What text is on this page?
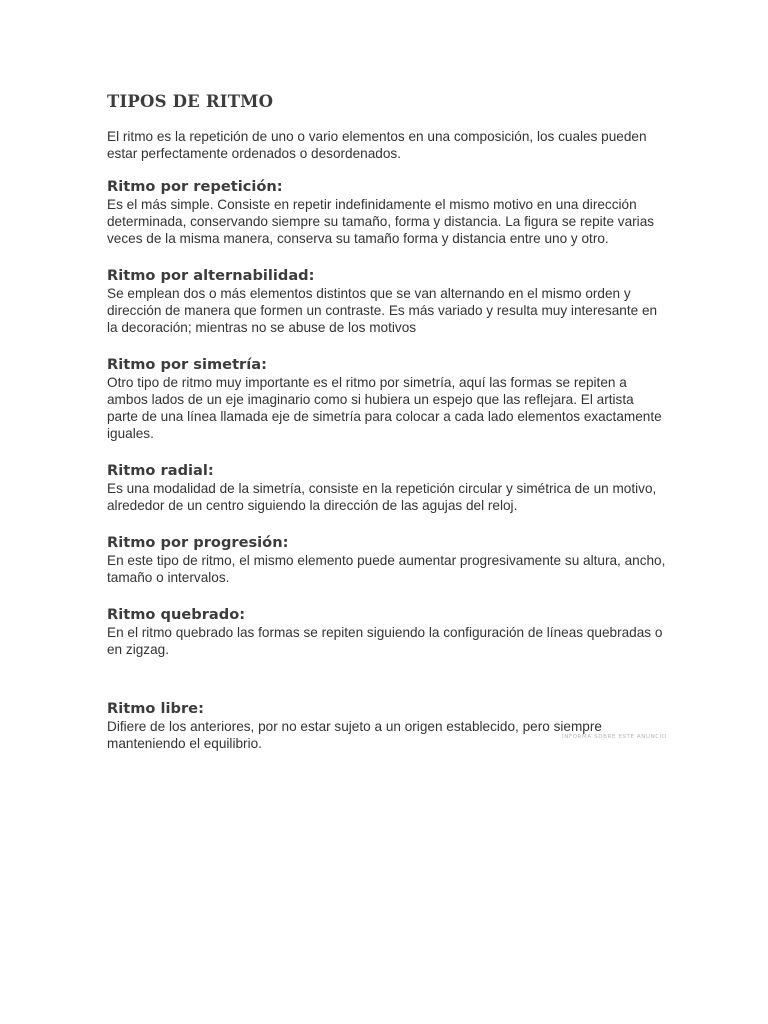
TIPOS DE RITMO

El ritmo es la repetición de uno o vario elementos en una composición, los cuales pueden estar perfectamente ordenados o desordenados.

Ritmo por repetición:

Es el más simple. Consiste en repetir indefinidamente el mismo motivo en una dirección determinada, conservando siempre su tamaño, forma y distancia. La figura se repite varias veces de la misma manera, conserva su tamaño forma y distancia entre uno y otro.

Ritmo por alternabilidad:

Se emplean dos o más elementos distintos que se van alternando en el mismo orden y dirección de manera que formen un contraste. Es más variado y resulta muy interesante en la decoración; mientras no se abuse de los motivos

Ritmo por simetría:

Otro tipo de ritmo muy importante es el ritmo por simetría, aquí las formas se repiten a ambos lados de un eje imaginario como si hubiera un espejo que las reflejara. El artista parte de una línea llamada eje de simetría para colocar a cada lado elementos exactamente iguales.

Ritmo radial:

Es una modalidad de la simetría, consiste en la repetición circular y simétrica de un motivo, alrededor de un centro siguiendo la dirección de las agujas del reloj.

Ritmo por progresión:

En este tipo de ritmo, el mismo elemento puede aumentar progresivamente su altura, ancho, tamaño o intervalos.

Ritmo quebrado:

En el ritmo quebrado las formas se repiten siguiendo la configuración de líneas quebradas o en zigzag.

Ritmo libre:

Difiere de los anteriores, por no estar sujeto a un origen establecido, pero siempre manteniendo el equilibrio.	INFORMA SOBRE ESTE ANUNCIO
